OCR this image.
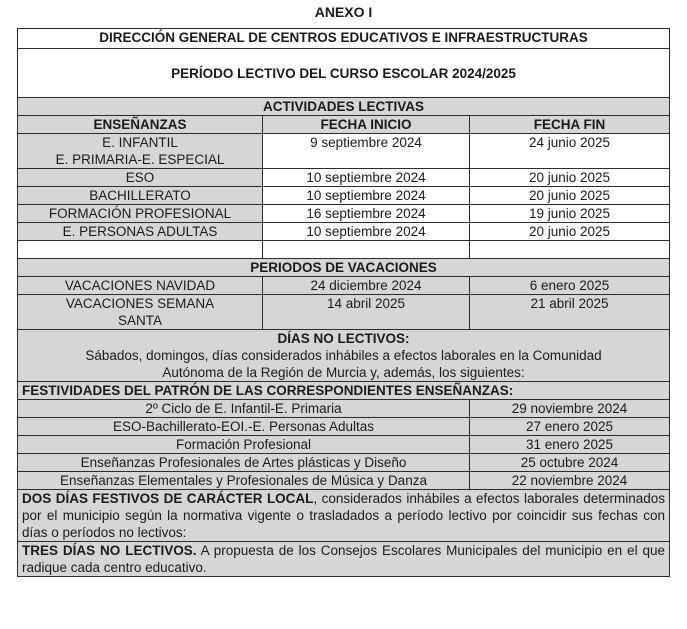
ANEXO I
DIRECCIÓN GENERAL DE CENTROS EDUCATIVOS E INFRAESTRUCTURAS		
PERÍODO LECTIVO DEL CURSO ESCOLAR 2024/2025		
ACTIVIDADES LECTIVAS		
ENSEÑANZAS	FECHA INICIO	FECHA FIN

E. INFANTIL
E. PRIMARIA-E. ESPECIAL	9 septiembre 2024	24 junio 2025
ESO	10 septiembre 2024	20 junio 2025
BACHILLERATO	10 septiembre 2024	20 junio 2025
FORMACIÓN PROFESIONAL	16 septiembre 2024	19 junio 2025
E. PERSONAS ADULTAS	10 septiembre 2024	20 junio 2025

PERIODOS DE VACACIONES		
VACACIONES NAVIDAD	24 diciembre 2024	6 enero 2025

VACACIONES SEMANA
SANTA	14 abril 2025	21 abril 2025

DÍAS NO LECTIVOS:
Sábados, domingos, días considerados inhábiles a efectos laborales en la Comunidad
Autónoma de la Región de Murcia y, además, los siguientes:		

FESTIVIDADES DEL PATRÓN DE LAS CORRESPONDIENTES ENSEÑANZAS:		
2º Ciclo de E. Infantil-E. Primaria		29 noviembre 2024
ESO-Bachillerato-EOI.-E. Personas Adultas		27 enero 2025
Formación Profesional		31 enero 2025
Enseñanzas Profesionales de Artes plásticas y Diseño		25 octubre 2024
Enseñanzas Elementales y Profesionales de Música y Danza		22 noviembre 2024
DOS DÍAS FESTIVOS DE CARÁCTER LOCAL, considerados inhábiles a efectos laborales determinados por el municipio según la normativa vigente o trasladados a período lectivo por coincidir sus fechas con días o períodos no lectivos:		
TRES DÍAS NO LECTIVOS. A propuesta de los Consejos Escolares Municipales del municipio en el que radique cada centro educativo.		
